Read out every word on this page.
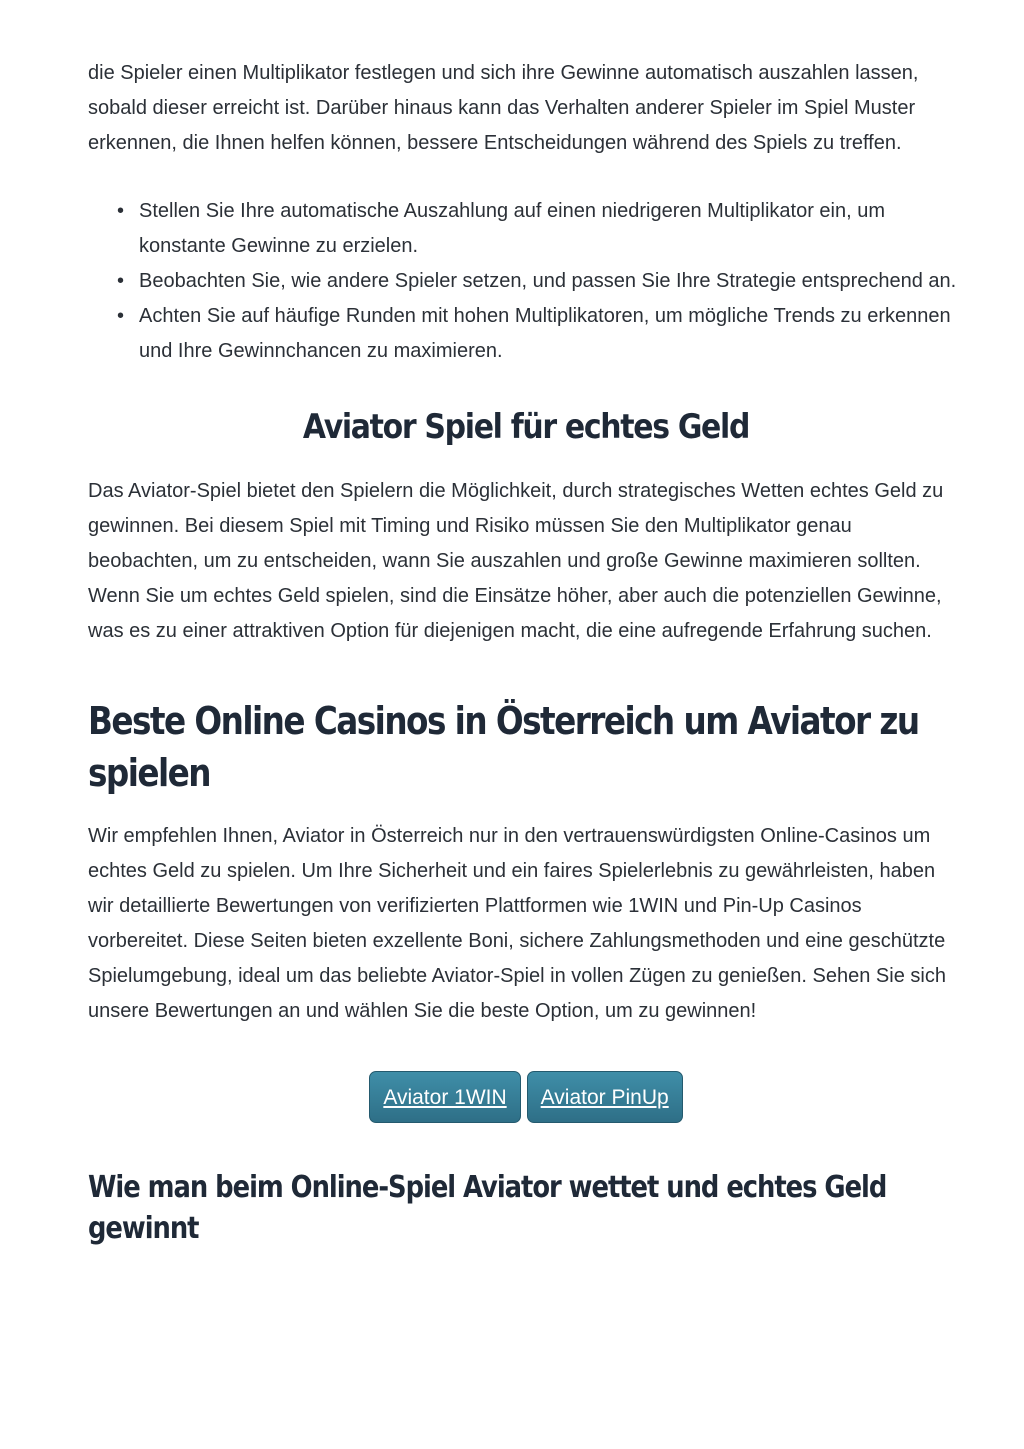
die Spieler einen Multiplikator festlegen und sich ihre Gewinne automatisch auszahlen lassen, sobald dieser erreicht ist. Darüber hinaus kann das Verhalten anderer Spieler im Spiel Muster erkennen, die Ihnen helfen können, bessere Entscheidungen während des Spiels zu treffen.

• Stellen Sie Ihre automatische Auszahlung auf einen niedrigeren Multiplikator ein, um konstante Gewinne zu erzielen.
• Beobachten Sie, wie andere Spieler setzen, und passen Sie Ihre Strategie entsprechend an.
• Achten Sie auf häufige Runden mit hohen Multiplikatoren, um mögliche Trends zu erkennen und Ihre Gewinnchancen zu maximieren.
Aviator Spiel für echtes Geld

Das Aviator-Spiel bietet den Spielern die Möglichkeit, durch strategisches Wetten echtes Geld zu gewinnen. Bei diesem Spiel mit Timing und Risiko müssen Sie den Multiplikator genau beobachten, um zu entscheiden, wann Sie auszahlen und große Gewinne maximieren sollten. Wenn Sie um echtes Geld spielen, sind die Einsätze höher, aber auch die potenziellen Gewinne, was es zu einer attraktiven Option für diejenigen macht, die eine aufregende Erfahrung suchen.

Beste Online Casinos in Österreich um Aviator zu spielen

Wir empfehlen Ihnen, Aviator in Österreich nur in den vertrauenswürdigsten Online-Casinos um echtes Geld zu spielen. Um Ihre Sicherheit und ein faires Spielerlebnis zu gewährleisten, haben wir detaillierte Bewertungen von verifizierten Plattformen wie 1WIN und Pin-Up Casinos vorbereitet. Diese Seiten bieten exzellente Boni, sichere Zahlungsmethoden und eine geschützte Spielumgebung, ideal um das beliebte Aviator-Spiel in vollen Zügen zu genießen. Sehen Sie sich unsere Bewertungen an und wählen Sie die beste Option, um zu gewinnen!

Aviator 1WIN	Aviator PinUp
Wie man beim Online-Spiel Aviator wettet und echtes Geld gewinnt
